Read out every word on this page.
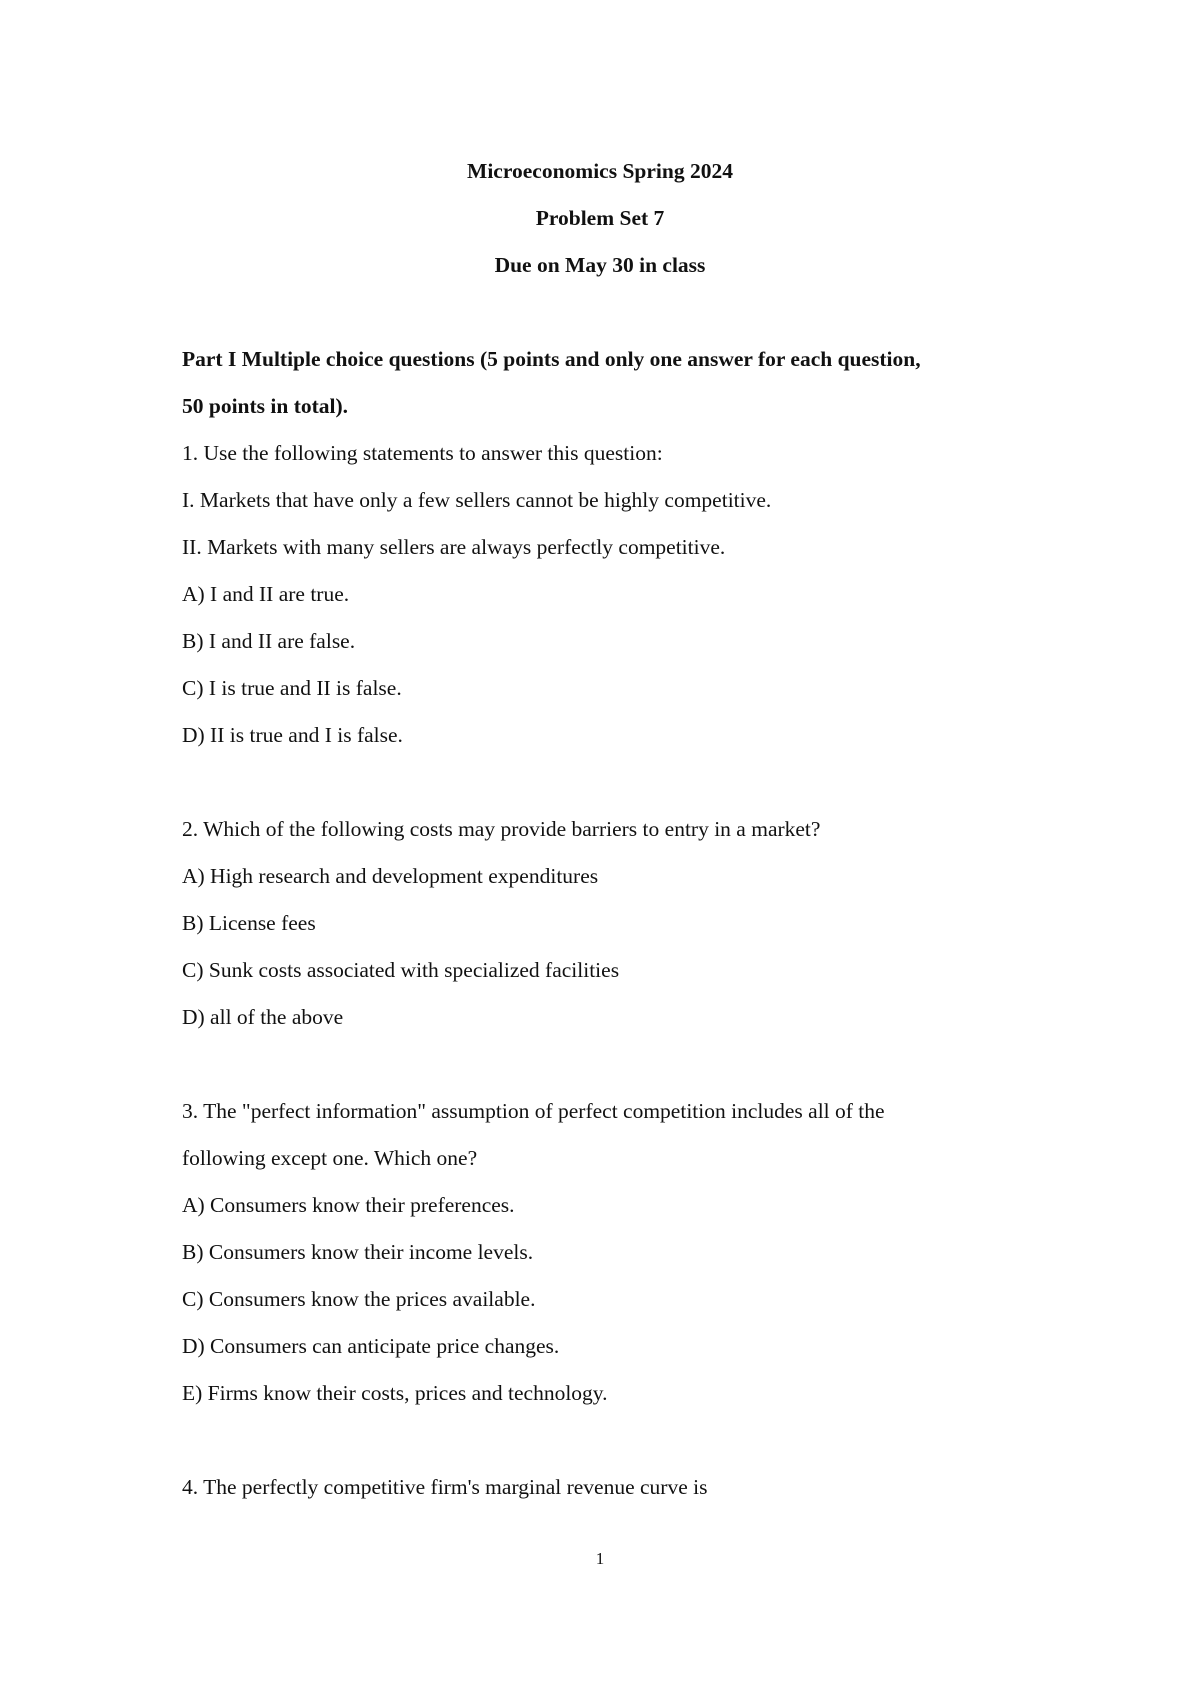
Microeconomics Spring 2024
Problem Set 7
Due on May 30 in class
Part I Multiple choice questions (5 points and only one answer for each question,
50 points in total).
1. Use the following statements to answer this question:
I. Markets that have only a few sellers cannot be highly competitive.
II. Markets with many sellers are always perfectly competitive.
A) I and II are true.
B) I and II are false.
C) I is true and II is false.
D) II is true and I is false.
2. Which of the following costs may provide barriers to entry in a market?
A) High research and development expenditures
B) License fees
C) Sunk costs associated with specialized facilities
D) all of the above
3. The "perfect information" assumption of perfect competition includes all of the
following except one. Which one?
A) Consumers know their preferences.
B) Consumers know their income levels.
C) Consumers know the prices available.
D) Consumers can anticipate price changes.
E) Firms know their costs, prices and technology.
4. The perfectly competitive firm's marginal revenue curve is
1
